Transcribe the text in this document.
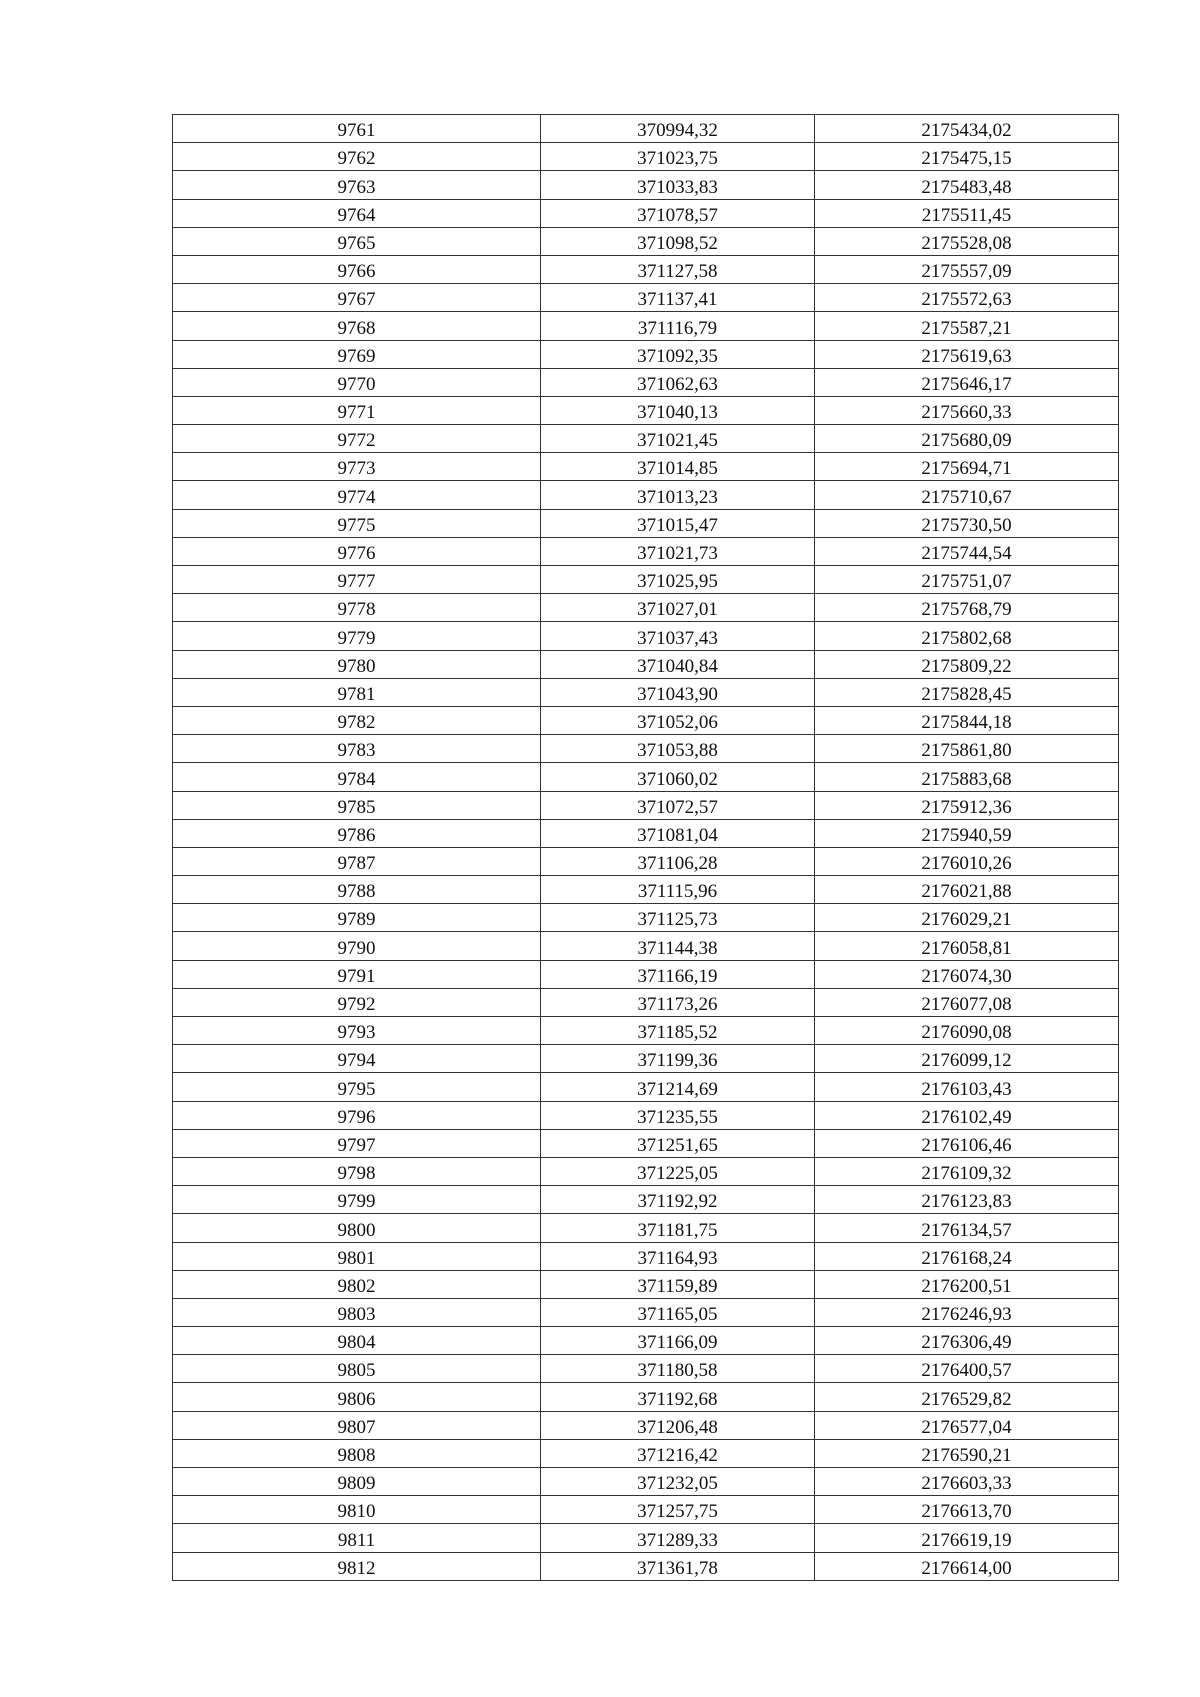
9761	370994,32	2175434,02
9762	371023,75	2175475,15
9763	371033,83	2175483,48
9764	371078,57	2175511,45
9765	371098,52	2175528,08
9766	371127,58	2175557,09
9767	371137,41	2175572,63
9768	371116,79	2175587,21
9769	371092,35	2175619,63
9770	371062,63	2175646,17
9771	371040,13	2175660,33
9772	371021,45	2175680,09
9773	371014,85	2175694,71
9774	371013,23	2175710,67
9775	371015,47	2175730,50
9776	371021,73	2175744,54
9777	371025,95	2175751,07
9778	371027,01	2175768,79
9779	371037,43	2175802,68
9780	371040,84	2175809,22
9781	371043,90	2175828,45
9782	371052,06	2175844,18
9783	371053,88	2175861,80
9784	371060,02	2175883,68
9785	371072,57	2175912,36
9786	371081,04	2175940,59
9787	371106,28	2176010,26
9788	371115,96	2176021,88
9789	371125,73	2176029,21
9790	371144,38	2176058,81
9791	371166,19	2176074,30
9792	371173,26	2176077,08
9793	371185,52	2176090,08
9794	371199,36	2176099,12
9795	371214,69	2176103,43
9796	371235,55	2176102,49
9797	371251,65	2176106,46
9798	371225,05	2176109,32
9799	371192,92	2176123,83
9800	371181,75	2176134,57
9801	371164,93	2176168,24
9802	371159,89	2176200,51
9803	371165,05	2176246,93
9804	371166,09	2176306,49
9805	371180,58	2176400,57
9806	371192,68	2176529,82
9807	371206,48	2176577,04
9808	371216,42	2176590,21
9809	371232,05	2176603,33
9810	371257,75	2176613,70
9811	371289,33	2176619,19
9812	371361,78	2176614,00
